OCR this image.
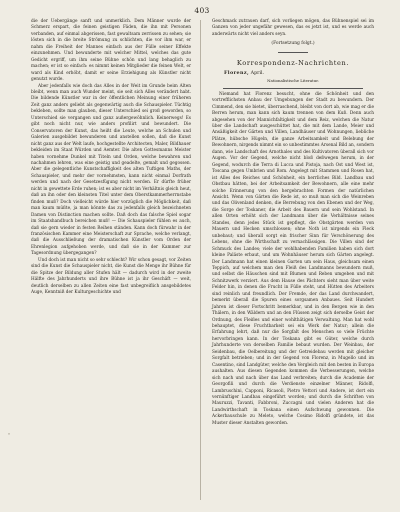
403

die der Uebergänge sanft und unmerklich. Dem Männer wurde der Schmerz erspart, die feinen geistigen Fäden, die ihn mit Personen verbanden, auf einmal abgerissen, fast gewaltsam zerrissen zu sehen; sie lösten sich in die breite Strömung zu schlichten, die vor ihm war, er nahm die Freiheit der Mannes einfach aus der Fülle seiner Effekte einzunehmen. Und bewunderte mit welcher Mittel, welches das gute Gedicht ergriff, um ihm seine Bühne schön und lang behaglich zu machen; er ist so einfach: es nimmt keinen Mitglieder die feinen Welt, er ward als Kind erhöbt, damit er seine Erziehigung als Künstler nicht genutzt wurde.

Aber jedenfalls wie doch das Alles in der Weit im Grunde beim Alten bleibt, wenn man auch Wunder meint, sie seit sich Alles verändert habt. Die bildende Künstler war in der öffentlichen Meinung einer früheren Zeit ganz anders geliebt als gegenwärtig auch die Schauspieler. Tüchtig bekleben, sollte man glauben, dieser Unterschied sei groß geworden, so Unterschied sie vergangen und ganz außergewöhnlich. Keinerwegs! Es gibt noch nicht nur, wie anders profilirt und bewundert. Die Conservatoren der Kunst, das heißt die Leute, welche an Schulen und Galerien ausgebildet bewunderen und anstellen sollen, daß die Kunst nicht ganz aus der Welt laufe, hochgestellte Architecten, Maler, Bildhauer bekleiden im Staat Würden und Aemter. Die alten Gottesmanns Meister haben vornehme Dunkel mit Titeln und Orden, welche bewahren und nachahmen lehren, was eine geistig und geadelte, gemalt und gegossen. Aber die gelegentliche Kunstschaffigkeit des alten Tuftigen Maths, der Schauspieler, und mehr der vornehmsten, kann nicht einmal Dorfrath werden und nach der Gesetzesfügung nicht werden. Er dürfte früher nicht in gewettete Erde ruhen; ist es aber nicht im Verhältnis gleich heut, daß an ihn oder den kleinsten Titel unter dem Oberstkammerherrnstabe finden muß? Doch vielleicht würde hier vorzüglich die Möglichkeit, daß man kaum müßte, ja man könnte das zu jedenfalls gleich bezeichneten Damen von Distinction machen sollte. Daß doch das falsche Spiel sogar im Staatshandbuch bereichen muß! — Die Schauspieler fühlen es auch, daß sie gern wieder in festen Reihen ständen. Kann doch fürwahr in der französischen Kammer eine Meisterschaft zur Sprache, welche verlangt, daß die Ausschließung der dramatischen Künstler vom Orden der Ehrenlegion aufgehoben werde, und daß sie in der Kammer zur Tagesordnung übergegangen?

Und doch ist man nicht so sehr schlecht? Wir schon gesagt, vor Zeiten sind die Kunst die Schauspieler nicht, die Kunst die Menge ihr Bühne für die Spitze der Bildung aller Stufen hält — dadurch wird in der zweite Hälfte des Jahrhunderts und ihre Bühne ist ja ihr Geschäft — weit, deutlich derselben zu allen Zeiten eine fast unbegreiflich ansgebildetes Auge, Kenntniß der Kulturgeschichte und

Geschmack zutrauen darf, sich vorliegen mögen, das Bühnenspiel sei im Ganzen von jeder ungefähr gewesen, das es jetzt ist, und es werde auch anderwärts nicht viel anders seyn.

(Fortsetzung folgt.)

Korrespondenz-Nachrichten.

Florenz, April.

Nationalistische Literatur.

Niemand hat Florenz besucht, ohne die Schönheit und den vortrefflichsten Anbau der Umgebungen der Stadt zu bewundern. Der Cimmend, den sie bietet, überraschend, bleibt von dort ab, wie mag er die Berren herum, man kann sich kaum trennen von dem Kuß. Denn auch abgesehen von der Mannichfaltigkeit und dem Reiz, welchen die Natur über die Landschaft ausgeschüttet hat, die mit dem Lande, Meier und Ansäßigkeit der Gärten und Villen, Landhäuser und Wohnungen, liebliche Plätze, hübsche Hügeln, die ganze Arbeitsamkeit und Belebung der Bewohnern, nirgends nimmt ein so unbestimmtes Arsenal Bild an, sondern dann, wie Landschaft des Arnothales und des Kultivatoren überall sich vor Augen. Vor der Gegend, welche nicht bloß deßwegen herum, in der Gegend, wodurch die Terra di Lucca und Pistoja, nach Ost und West ist, Toscana gegen Umbrien und Rom. Angelegt mit Stammen und Rosen hat, ist Alles des Reiches und Schönheit, ein herrliches Bild. Landbau und Obstbau hätten, bei der Arbeitsamkeit der Bewohnern, alle eine mehr solche Erinnerung von den hergebrachten Formen der natürlichen Ansicht. Wenn von Gärten die Rede ist, so muß man sich die Weinreben und das Olivenland denken, die Berrebung von den Ebenen und der Weg, die Sorge der Toskaner, die Arbeit des Bauern und sein Wohlstand. In allen Orten erhöht sich der Landmann über die Verhältnisse seines Standes, denn jedes Stück ist gepflegt, die Obstgärten werden von Mauern und Hecken umschlossen; ohne Noth ist nirgends ein Fleck unbebaut; und überall sorgt ein frischer Sinn für Verschönerung des Lebens, ohne die Wirthschaft zu vernachlässigen. Die Villen sind der Schmuck des Landes; viele der wohlhabenden Familien haben sich dort kleine Paläste erbaut, und um Wohnhäuser herum sich Gärten angelegt. Der Landmann hat einen kleinen Garten um sein Haus, gleichsam einen Teppich, auf welchem man den Fleiß des Landmanns bewundern muß, und selbst die Häuschen sind mit Blumen und Reben umgeben und mit Schnitzwerk verziert. Aus dem Hause des Pächters sieht man über weite Felder hin, in denen die Frucht in Fülle steht, und Hütten des Arbeiters sind reinlich und freundlich. Der Fremde, der das Land durchwandert, bemerkt überall die Spuren eines sorgsamen Anbaues. Seit Hundert Jahren ist dieser Fortschritt bemerkbar, und in den Bergen wie in den Thälern, in den Wäldern und an den Flüssen zeigt sich derselbe Geist der Ordnung, des Fleißes und einer wohlthätigen Verwaltung. Man hat wohl behauptet, diese Fruchtbarkeit sei ein Werk der Natur; allein die Erfahrung lehrt, daß nur die Sorgfalt des Menschen so viele Früchte hervorbringen kann. In der Toskana gibt es Güter, welche durch Jahrhunderte von derselben Familie bebaut wurden. Der Weinbau, der Seidenbau, die Oelbereitung und der Getreidebau werden mit gleicher Sorgfalt betrieben; und in der Gegend von Florenz, in Mugello und im Casentino, sind Landgüter, welche den Vergleich mit den besten in Europa aushalten. Aus diesen Gegenden kommen die Verbesserungen, welche sich nach und nach über das Land verbreiten; durch die Academie der Georgofili und durch die Verdienste einzelner Männer, Ridolfi, Lambruschini, Capponi, Ricasoli, Pietro Vettori und Andere, ist dort ein vernünftiger Landbau eingeführt worden; und durch die Schriften von Mauruzzi, Tavanti, Fabbroni, Zuccagni und vielen Anderen hat die Landwirthschaft in Toskana einen Aufschwung gewonnen. Die Ackerbauschule zu Meleto, welche Cosimo Ridolfi gründete, ist das Muster dieser Anstalten geworden.

*
